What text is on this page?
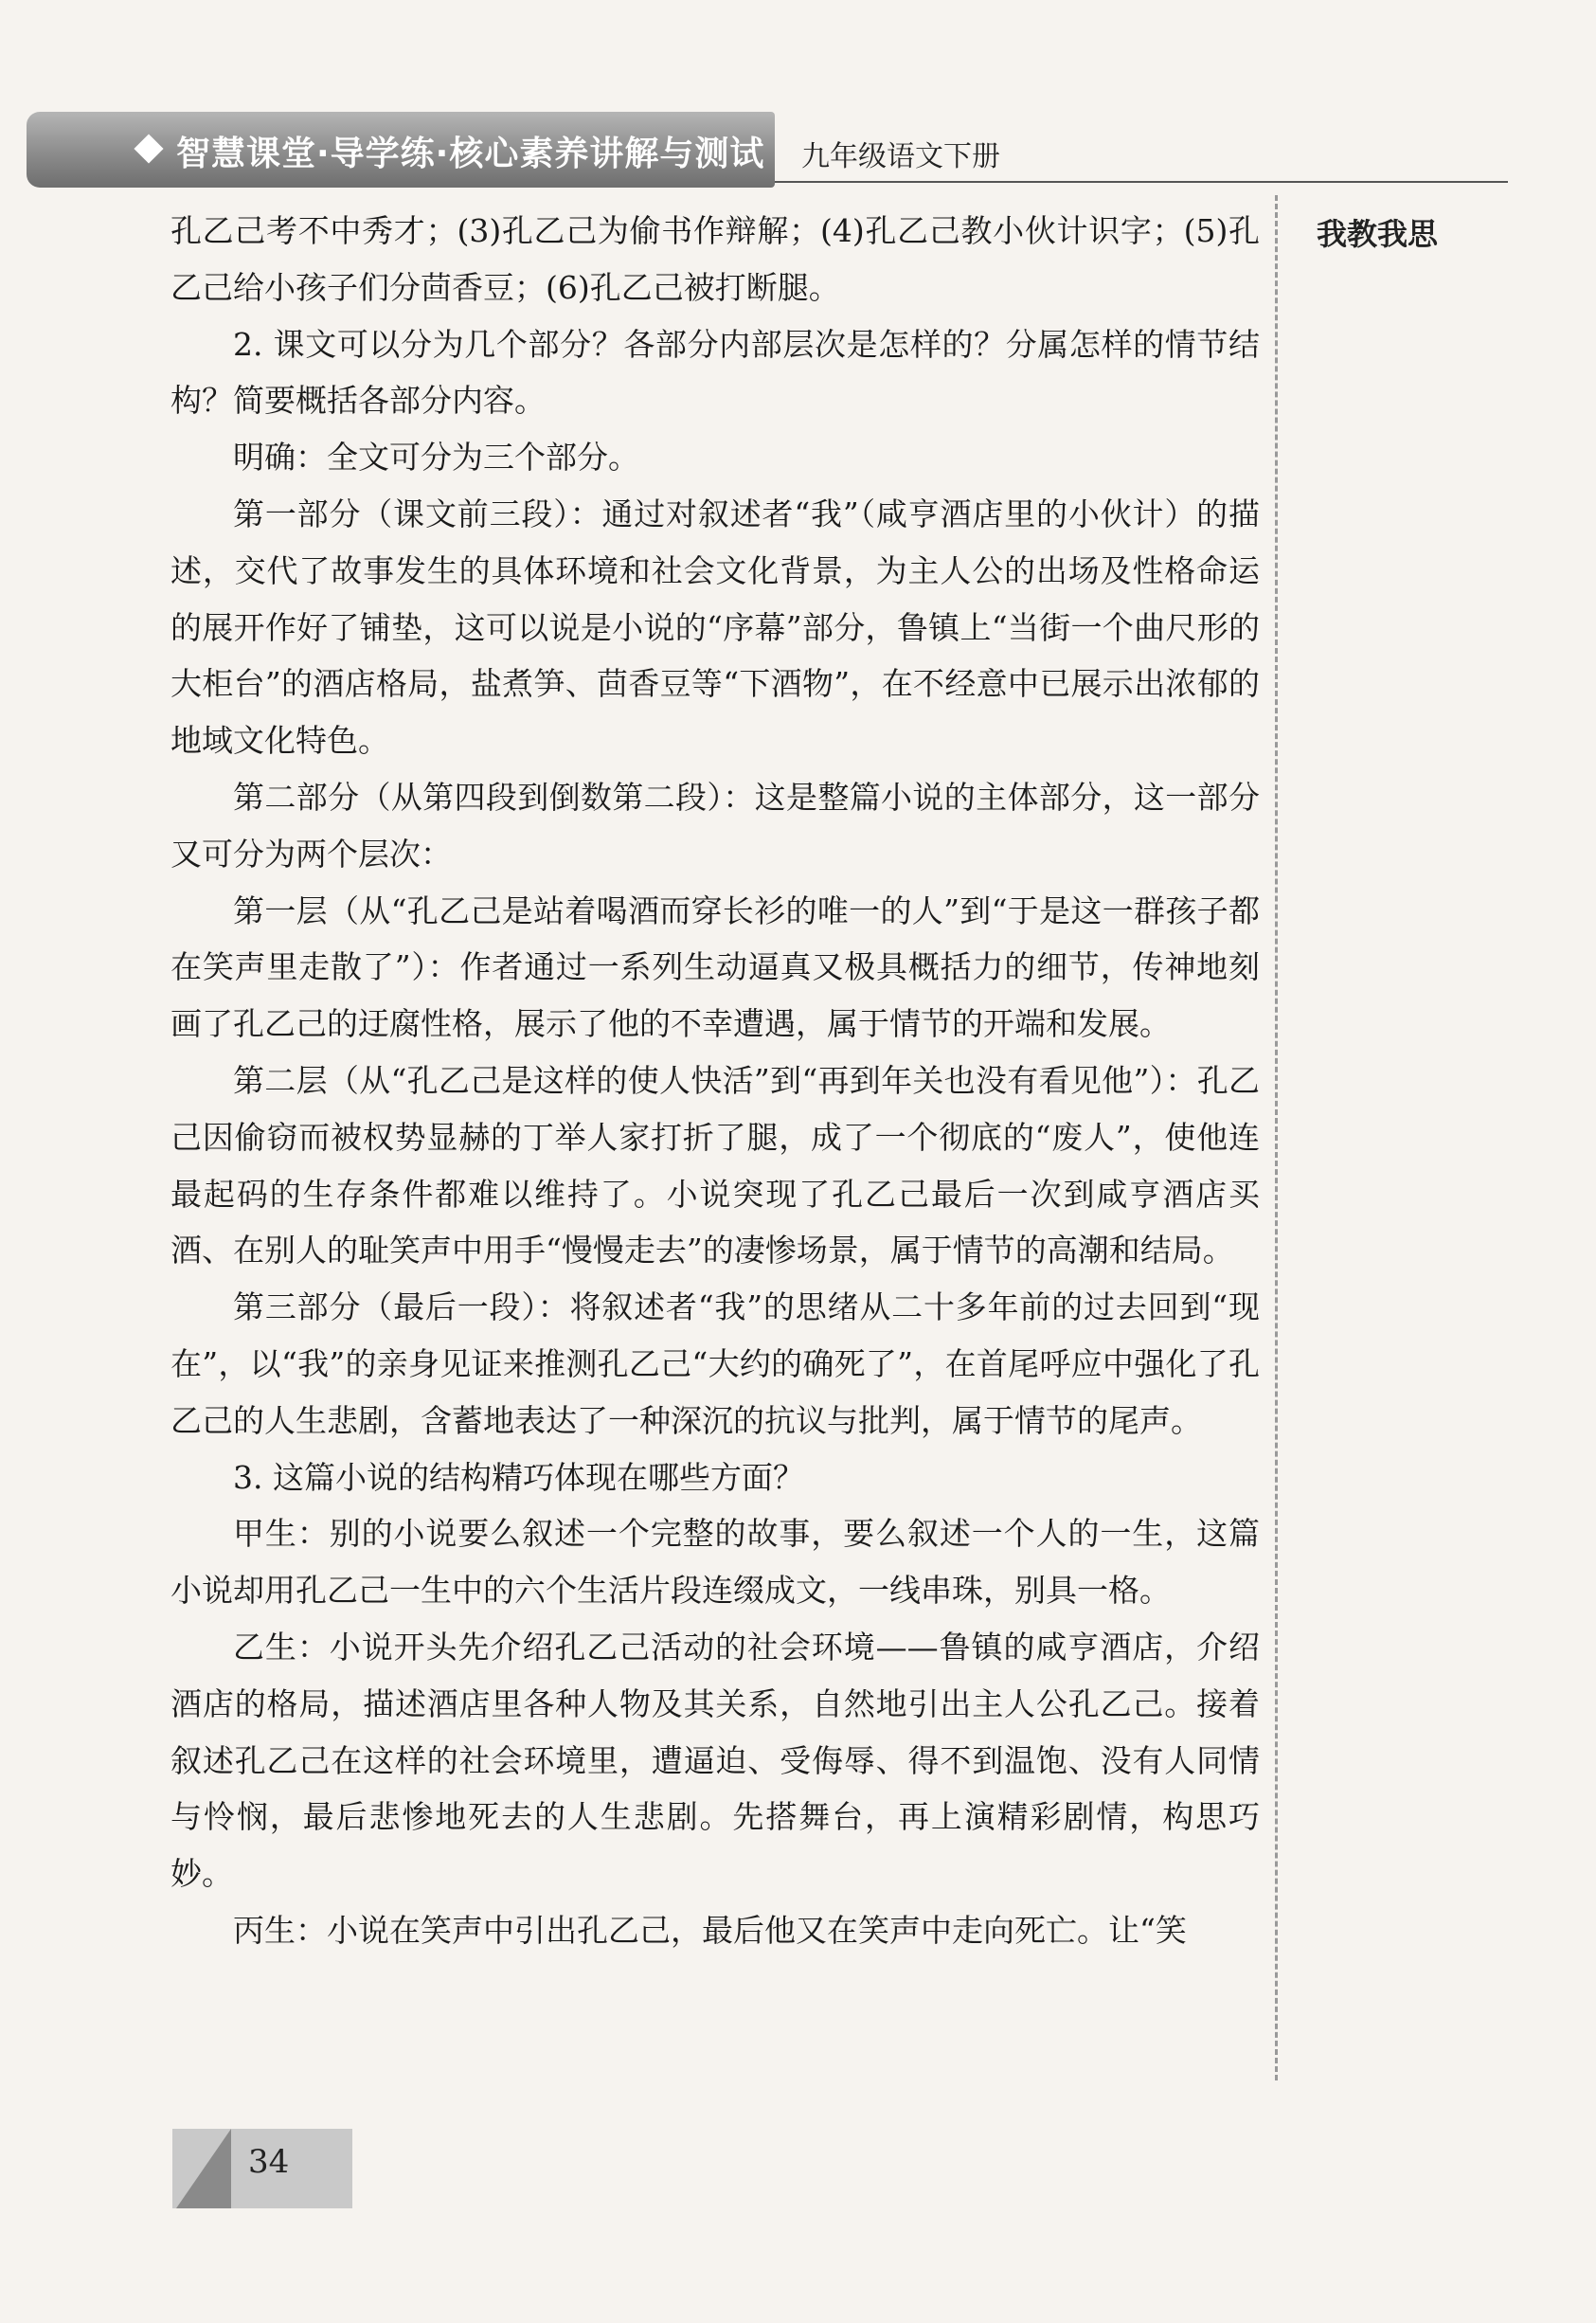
智慧课堂·导学练·核心素养讲解与测试 九年级语文下册
我教我思

孔乙己考不中秀才；(3)孔乙己为偷书作辩解；(4)孔乙己教小伙计识字；(5)孔乙己给小孩子们分茴香豆；(6)孔乙己被打断腿。

2. 课文可以分为几个部分？各部分内部层次是怎样的？分属怎样的情节结构？简要概括各部分内容。

明确：全文可分为三个部分。

第一部分（课文前三段）：通过对叙述者“我”（咸亨酒店里的小伙计）的描述，交代了故事发生的具体环境和社会文化背景，为主人公的出场及性格命运的展开作好了铺垫，这可以说是小说的“序幕”部分，鲁镇上“当街一个曲尺形的大柜台”的酒店格局，盐煮笋、茴香豆等“下酒物”，在不经意中已展示出浓郁的地域文化特色。

第二部分（从第四段到倒数第二段）：这是整篇小说的主体部分，这一部分又可分为两个层次：

第一层（从“孔乙己是站着喝酒而穿长衫的唯一的人”到“于是这一群孩子都在笑声里走散了”）：作者通过一系列生动逼真又极具概括力的细节，传神地刻画了孔乙己的迂腐性格，展示了他的不幸遭遇，属于情节的开端和发展。

第二层（从“孔乙己是这样的使人快活”到“再到年关也没有看见他”）：孔乙己因偷窃而被权势显赫的丁举人家打折了腿，成了一个彻底的“废人”，使他连最起码的生存条件都难以维持了。小说突现了孔乙己最后一次到咸亨酒店买酒、在别人的耻笑声中用手“慢慢走去”的凄惨场景，属于情节的高潮和结局。

第三部分（最后一段）：将叙述者“我”的思绪从二十多年前的过去回到“现在”，以“我”的亲身见证来推测孔乙己“大约的确死了”，在首尾呼应中强化了孔乙己的人生悲剧，含蓄地表达了一种深沉的抗议与批判，属于情节的尾声。

3. 这篇小说的结构精巧体现在哪些方面？

甲生：别的小说要么叙述一个完整的故事，要么叙述一个人的一生，这篇小说却用孔乙己一生中的六个生活片段连缀成文，一线串珠，别具一格。

乙生：小说开头先介绍孔乙己活动的社会环境——鲁镇的咸亨酒店，介绍酒店的格局，描述酒店里各种人物及其关系，自然地引出主人公孔乙己。接着叙述孔乙己在这样的社会环境里，遭逼迫、受侮辱、得不到温饱、没有人同情与怜悯，最后悲惨地死去的人生悲剧。先搭舞台，再上演精彩剧情，构思巧妙。

丙生：小说在笑声中引出孔乙己，最后他又在笑声中走向死亡。让“笑

34
